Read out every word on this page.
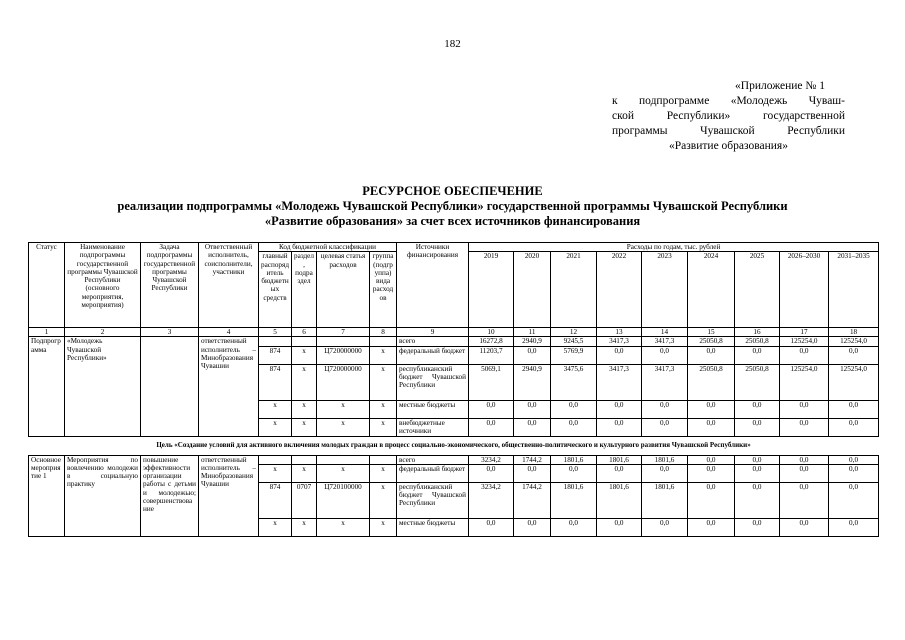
182
«Приложение № 1
к подпрограмме «Молодежь Чуваш-
ской Республики» государственной
программы Чувашской Республики
«Развитие образования»
РЕСУРСНОЕ ОБЕСПЕЧЕНИЕ
реализации подпрограммы «Молодежь Чувашской Республики» государственной программы Чувашской Республики
«Развитие образования» за счет всех источников финансирования
Статус	Наименование подпрограммы государственной программы Чувашской Республики (основного мероприятия, мероприятия)	Задача подпрограммы государственной программы Чувашской Республики	Ответственный исполнитель, соисполнители, участники	Код бюджетной классификации				Источники финансирования	Расходы по годам, тыс. рублей								
				главный распорядитель бюджетных средств	раздел, подраздел	целевая статья расходов	группа (подгруппа) вида расходов		2019	2020	2021	2022	2023	2024	2025	2026–2030	2031–2035
1	2	3	4	5	6	7	8	9	10	11	12	13	14	15	16	17	18
Подпрограмма	«Молодежь Чувашской Республики»		ответственный исполнитель – Минобразования Чувашии					всего	16272,8	2940,9	9245,5	3417,3	3417,3	25050,8	25050,8	125254,0	125254,0
				874	х	Ц720000000	х	федеральный бюджет	11203,7	0,0	5769,9	0,0	0,0	0,0	0,0	0,0	0,0
				874	х	Ц720000000	х	республиканский бюджет Чувашской Республики	5069,1	2940,9	3475,6	3417,3	3417,3	25050,8	25050,8	125254,0	125254,0
				х	х	х	х	местные бюджеты	0,0	0,0	0,0	0,0	0,0	0,0	0,0	0,0	0,0
				х	х	х	х	внебюджетные источники	0,0	0,0	0,0	0,0	0,0	0,0	0,0	0,0	0,0
Цель «Создание условий для активного включения молодых граждан в процесс социально-экономического, общественно-политического и культурного развития Чувашской Республики»																	
Основное мероприятие 1	Мероприятия по вовлечению молодежи в социальную практику	повышение эффективности организации работы с детьми и молодежью; совершенствование	ответственный исполнитель – Минобразования Чувашии					всего	3234,2	1744,2	1801,6	1801,6	1801,6	0,0	0,0	0,0	0,0
				х	х	х	х	федеральный бюджет	0,0	0,0	0,0	0,0	0,0	0,0	0,0	0,0	0,0
				874	0707	Ц720100000	х	республиканский бюджет Чувашской Республики	3234,2	1744,2	1801,6	1801,6	1801,6	0,0	0,0	0,0	0,0
				х	х	х	х	местные бюджеты	0,0	0,0	0,0	0,0	0,0	0,0	0,0	0,0	0,0
